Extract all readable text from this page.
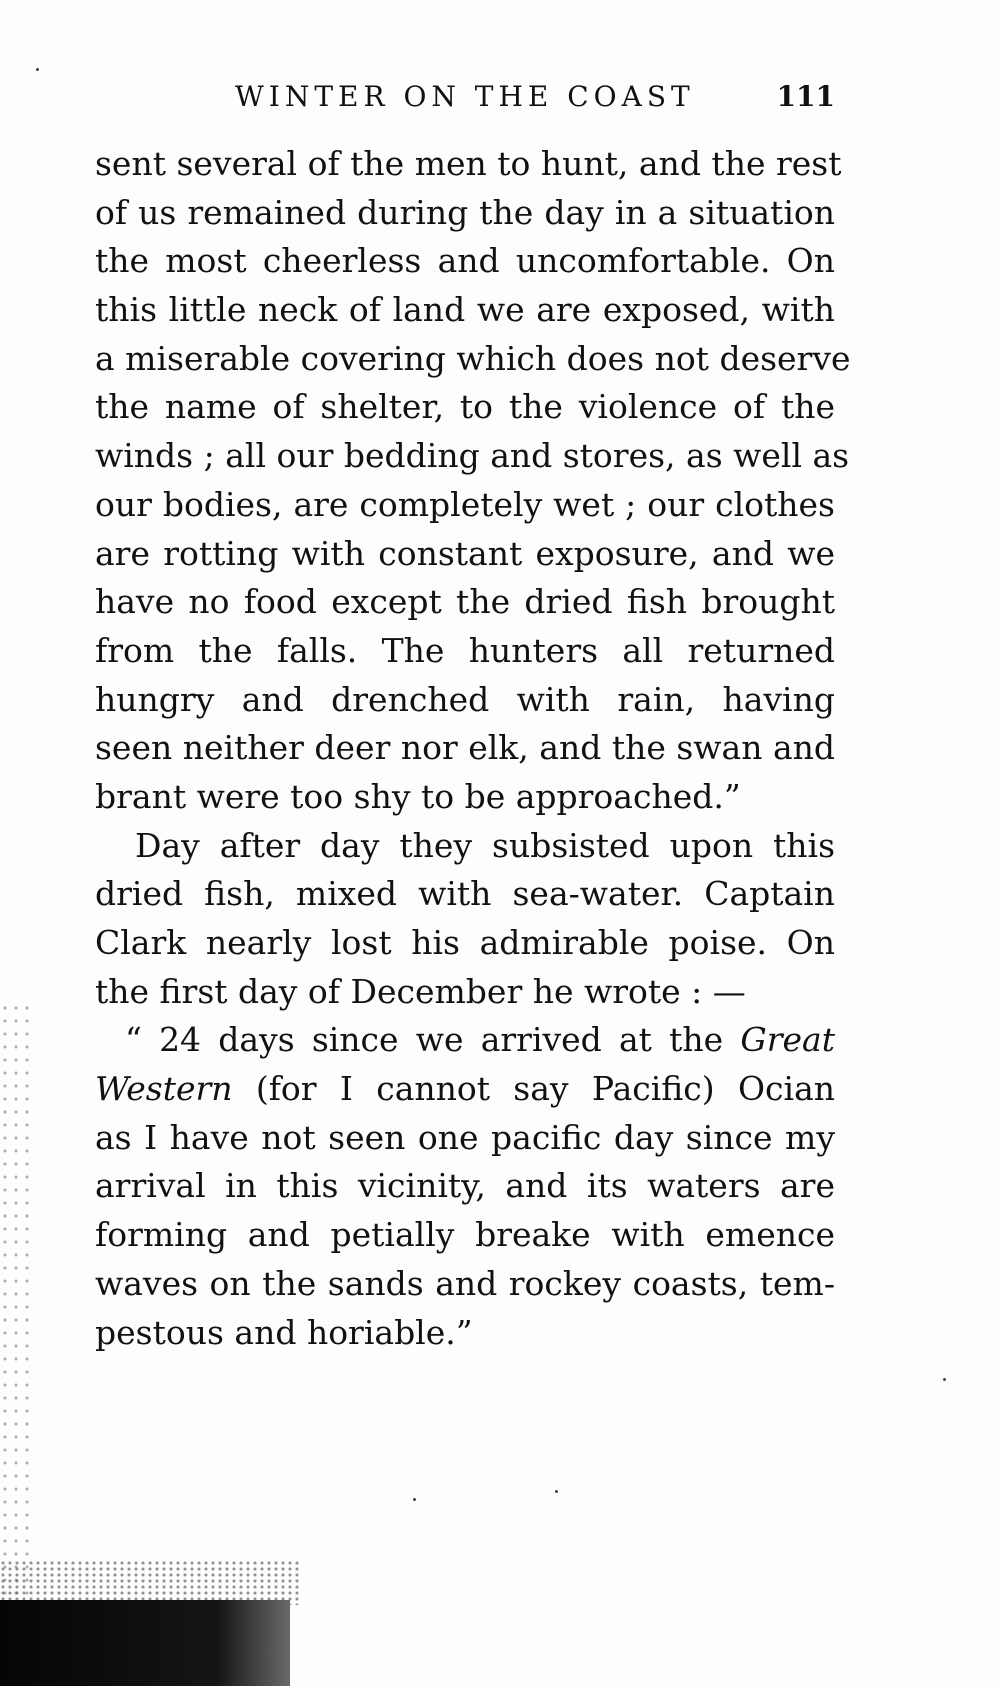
WINTER ON THE COAST	111
sent several of the men to hunt, and the rest
of us remained during the day in a situation
the most cheerless and uncomfortable. On
this little neck of land we are exposed, with
a miserable covering which does not deserve
the name of shelter, to the violence of the
winds ; all our bedding and stores, as well as
our bodies, are completely wet ; our clothes
are rotting with constant exposure, and we
have no food except the dried fish brought
from the falls. The hunters all returned
hungry and drenched with rain, having
seen neither deer nor elk, and the swan and
brant were too shy to be approached.”
Day after day they subsisted upon this
dried fish, mixed with sea-water. Captain
Clark nearly lost his admirable poise. On
the first day of December he wrote : —
“ 24 days since we arrived at the Great
Western (for I cannot say Pacific) Ocian
as I have not seen one pacific day since my
arrival in this vicinity, and its waters are
forming and petially breake with emence
waves on the sands and rockey coasts, tem-
pestous and horiable.”
